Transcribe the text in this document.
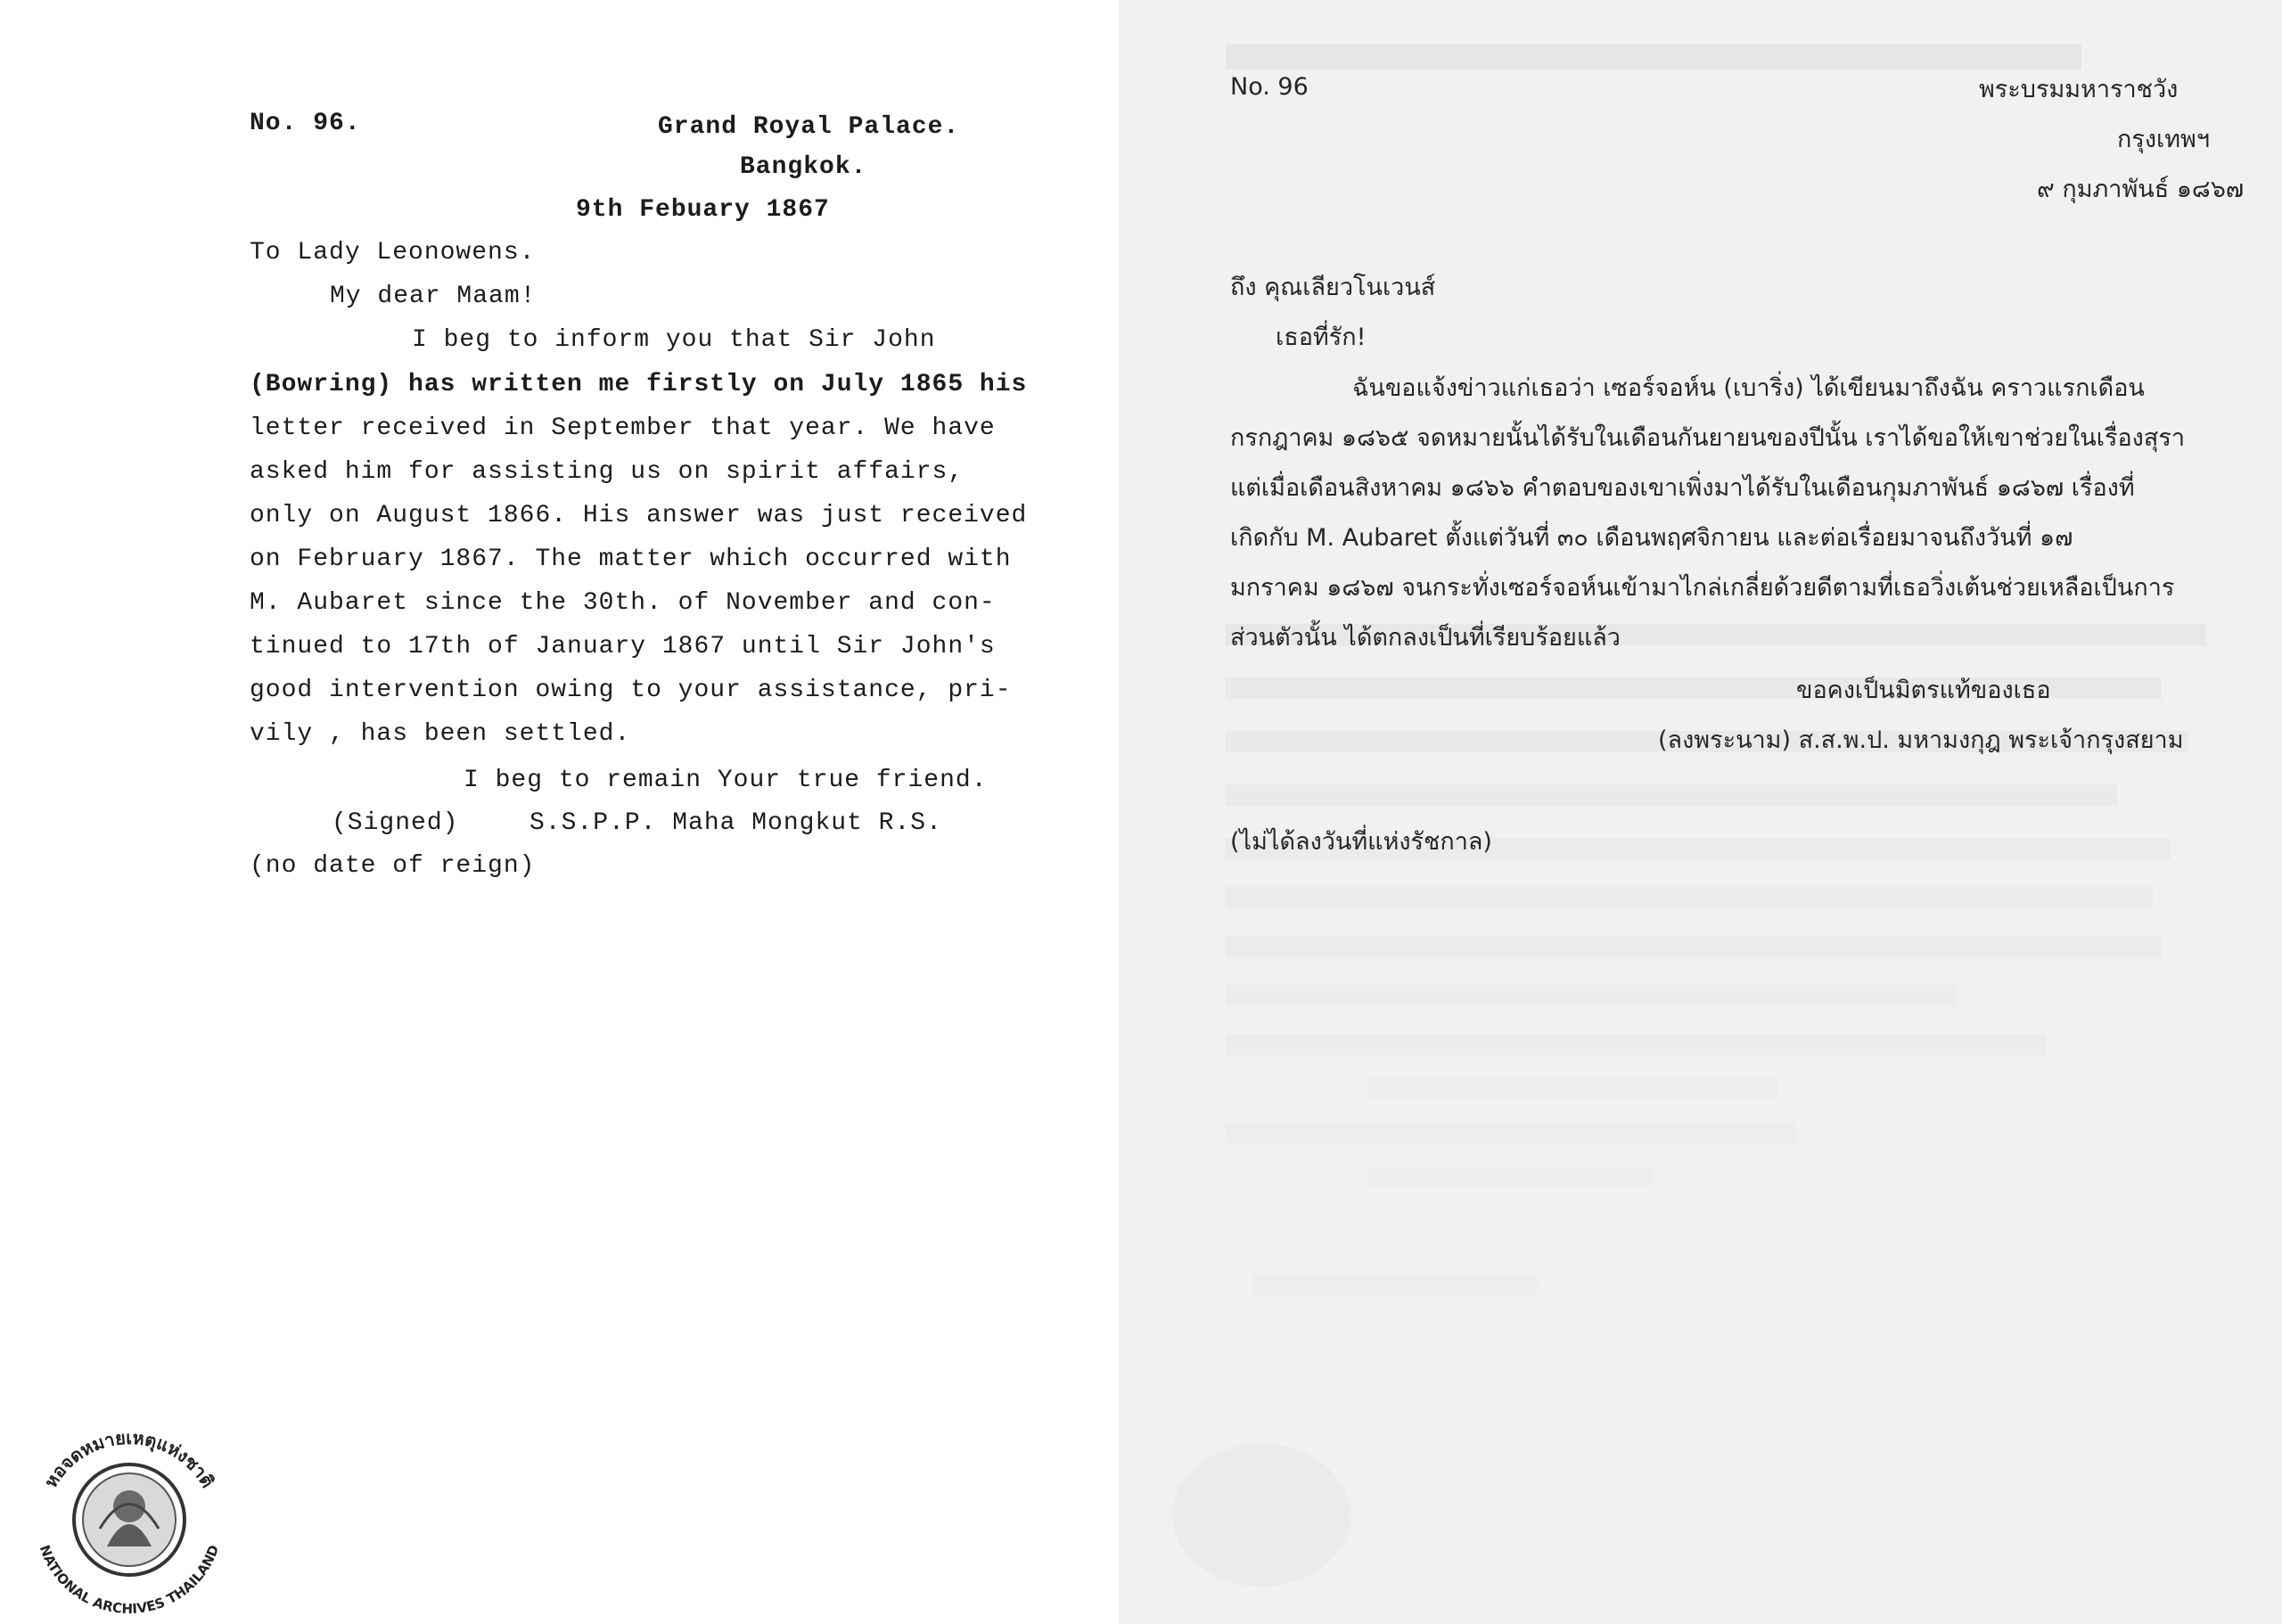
No. 96.	Grand Royal Palace.
Bangkok.
9th Febuary 1867
To Lady Leonowens.
My dear Maam!
I beg to inform you that Sir John
(Bowring) has written me firstly on July 1865 his
letter received in September that year. We have
asked him for assisting us on spirit affairs,
only on August 1866. His answer was just received
on February 1867. The matter which occurred with
M. Aubaret since the 30th. of November and con-
tinued to 17th of January 1867 until Sir John's
good intervention owing to your assistance, pri-
vily , has been settled.
I beg to remain Your true friend.
(Signed)	S.S.P.P. Maha Mongkut R.S.
(no date of reign)
หอจดหมายเหตุแห่งชาติ
NATIONAL ARCHIVES THAILAND
No. 96	พระบรมมหาราชวัง
กรุงเทพฯ
๙ กุมภาพันธ์ ๑๘๖๗
ถึง คุณเลียวโนเวนส์
เธอที่รัก!
ฉันขอแจ้งข่าวแก่เธอว่า เซอร์จอห์น (เบาริ่ง) ได้เขียนมาถึงฉัน คราวแรกเดือน
กรกฎาคม ๑๘๖๕ จดหมายนั้นได้รับในเดือนกันยายนของปีนั้น เราได้ขอให้เขาช่วยในเรื่องสุรา
แต่เมื่อเดือนสิงหาคม ๑๘๖๖ คำตอบของเขาเพิ่งมาได้รับในเดือนกุมภาพันธ์ ๑๘๖๗ เรื่องที่
เกิดกับ M. Aubaret ตั้งแต่วันที่ ๓๐ เดือนพฤศจิกายน และต่อเรื่อยมาจนถึงวันที่ ๑๗
มกราคม ๑๘๖๗ จนกระทั่งเซอร์จอห์นเข้ามาไกล่เกลี่ยด้วยดีตามที่เธอวิ่งเต้นช่วยเหลือเป็นการ
ส่วนตัวนั้น ได้ตกลงเป็นที่เรียบร้อยแล้ว
ขอคงเป็นมิตรแท้ของเธอ
(ลงพระนาม) ส.ส.พ.ป. มหามงกุฎ พระเจ้ากรุงสยาม
(ไม่ได้ลงวันที่แห่งรัชกาล)
